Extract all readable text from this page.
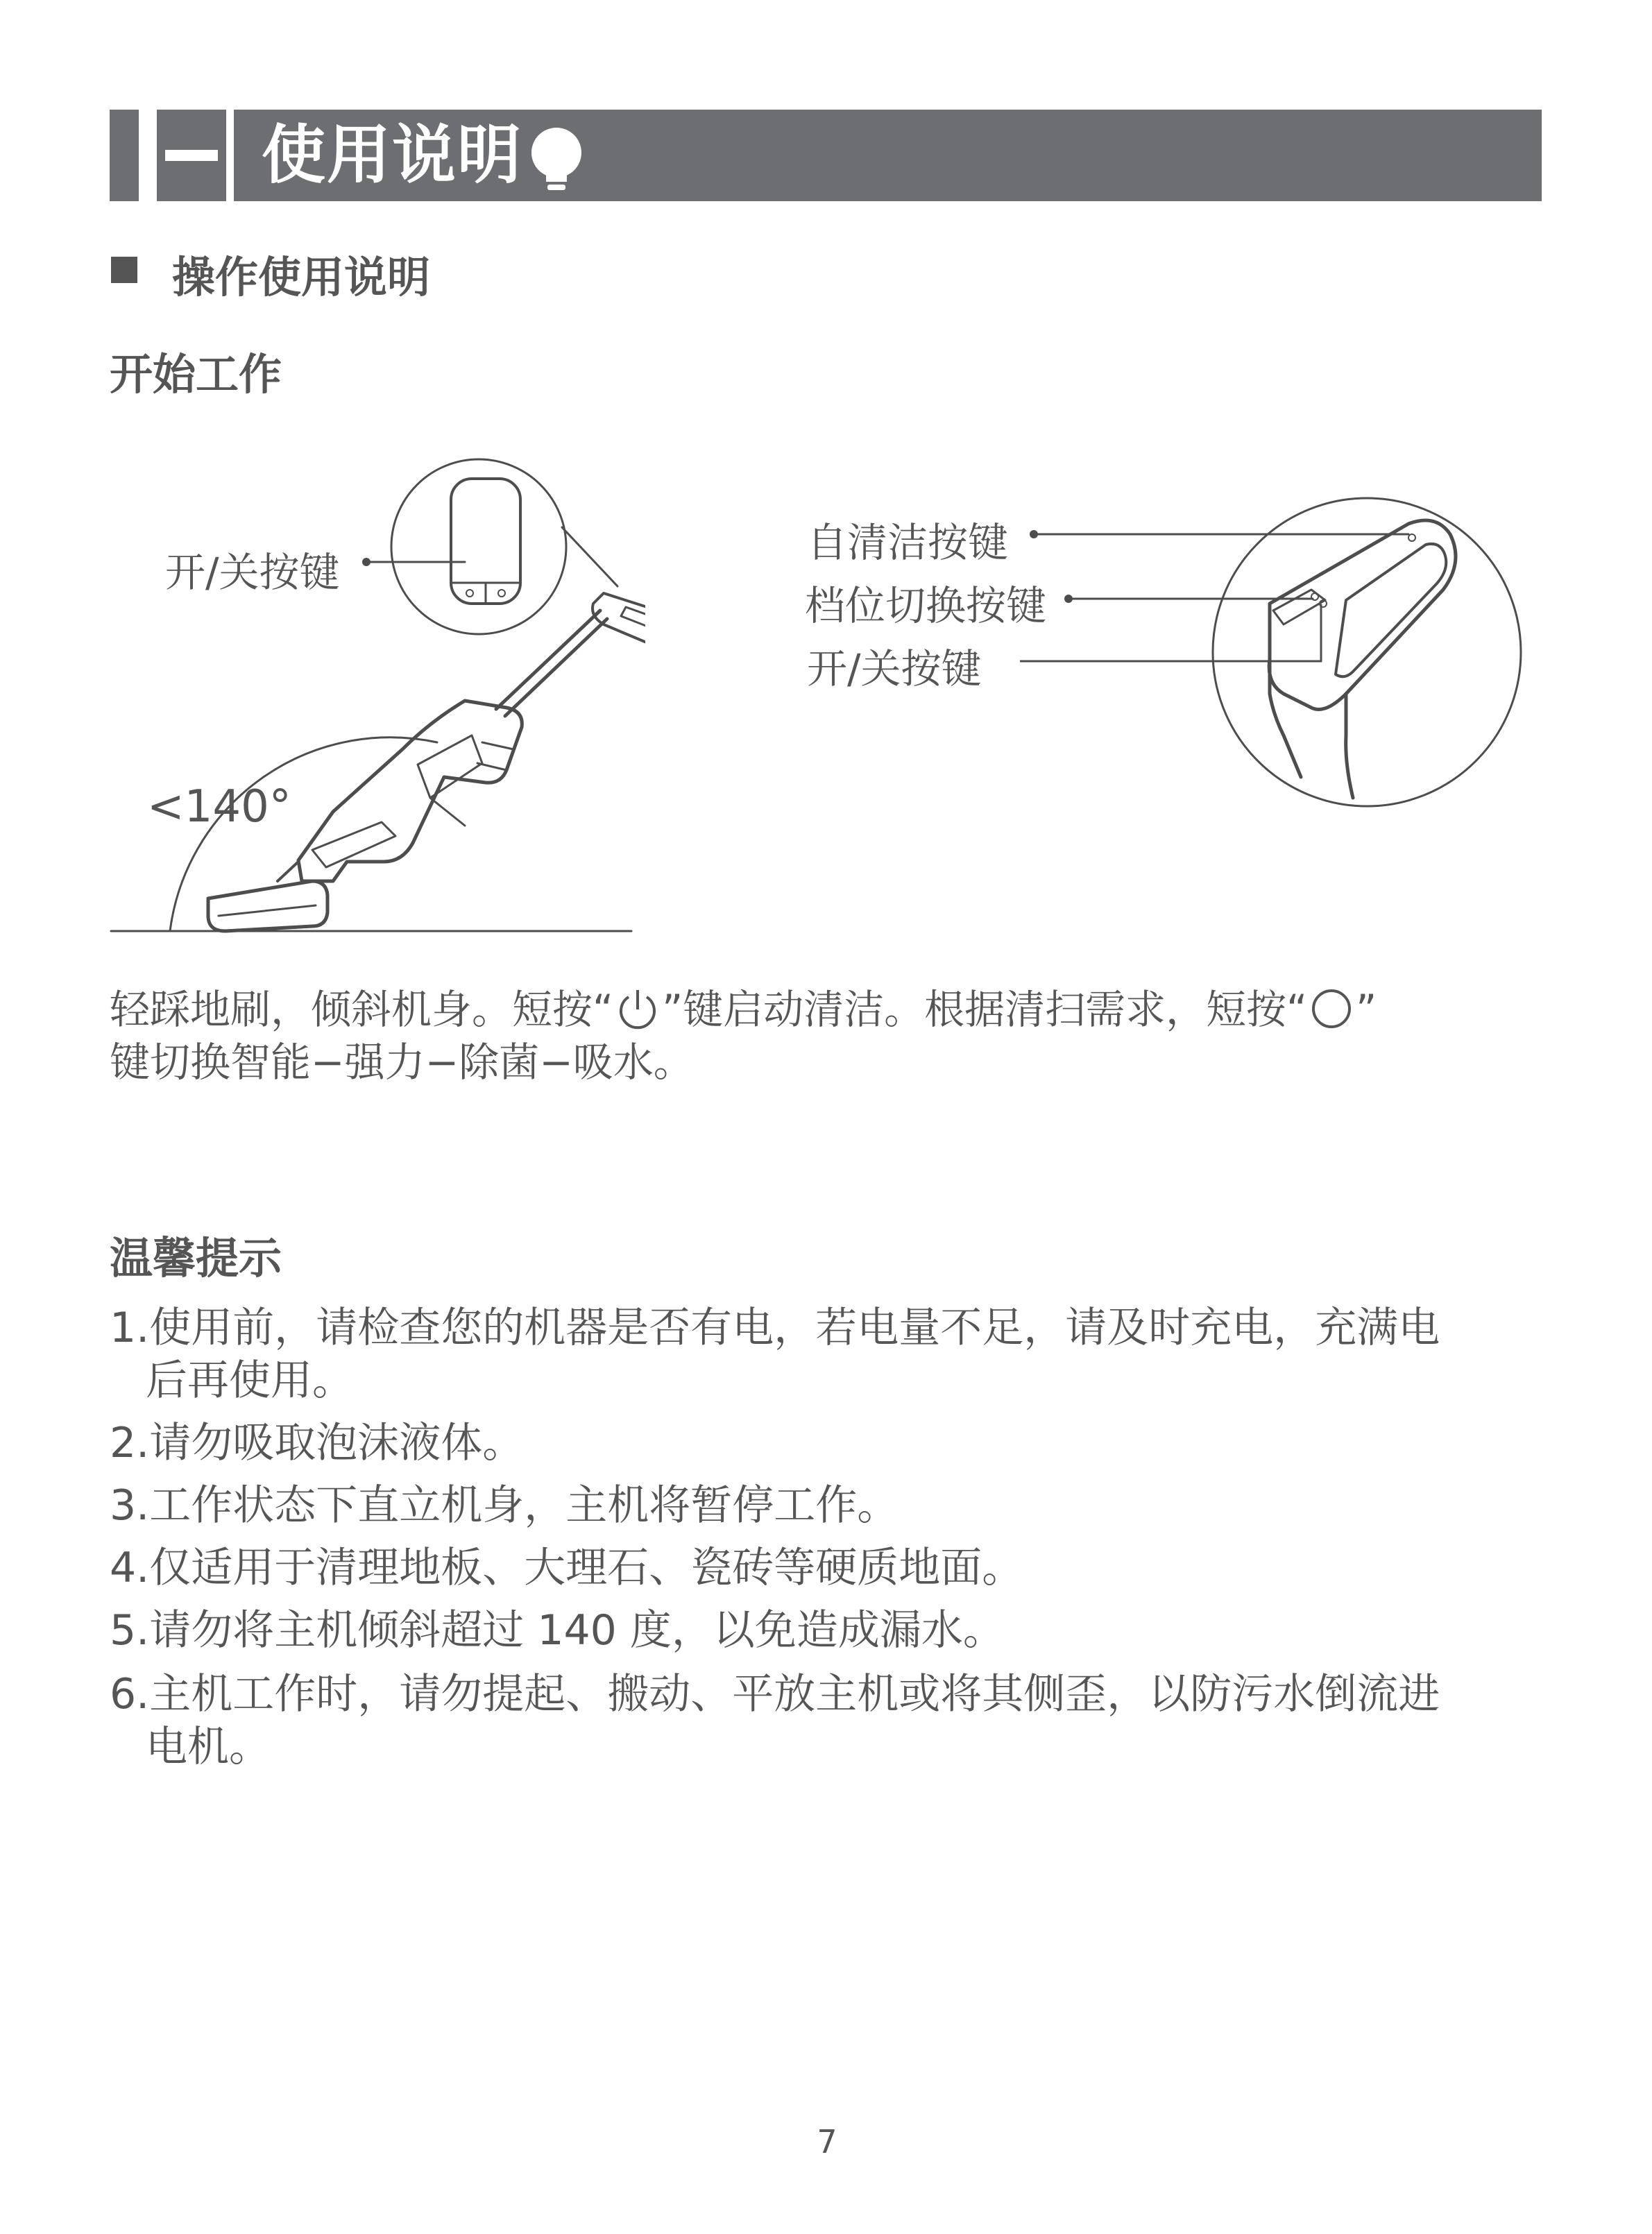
使用说明
操作使用说明
开始工作
开/关按键
<140°
自清洁按键
档位切换按键
开/关按键
轻踩地刷，倾斜机身。短按“ ”键启动清洁。根据清扫需求，短按“ ”
键切换智能−强力−除菌−吸水。
温馨提示
1.使用前，请检查您的机器是否有电，若电量不足，请及时充电，充满电
后再使用。
2.请勿吸取泡沫液体。
3.工作状态下直立机身，主机将暂停工作。
4.仅适用于清理地板、大理石、瓷砖等硬质地面。
5.请勿将主机倾斜超过 140 度，以免造成漏水。
6.主机工作时，请勿提起、搬动、平放主机或将其侧歪，以防污水倒流进
电机。
7
